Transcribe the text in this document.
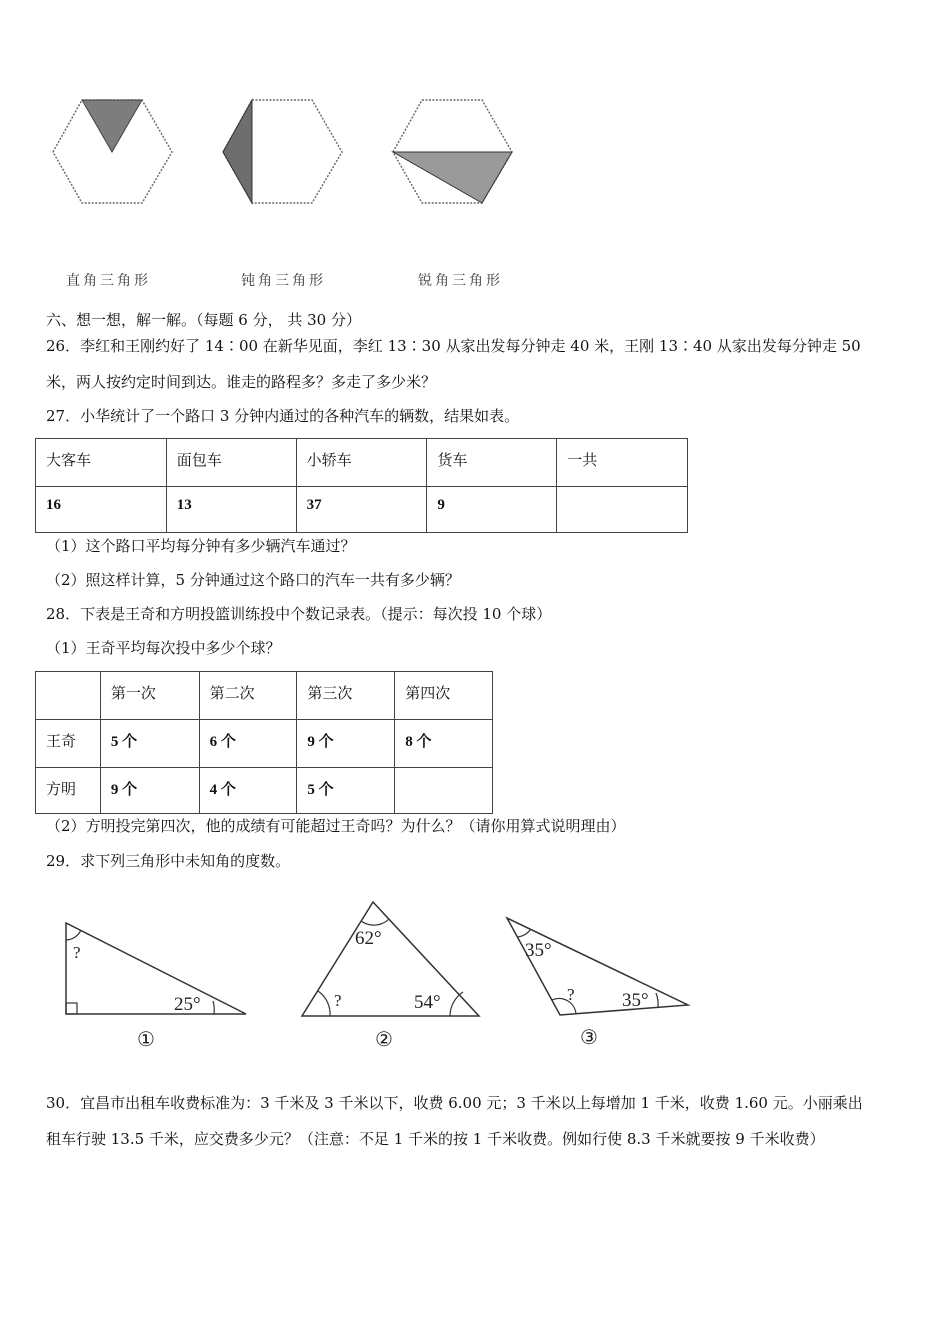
直角三角形	钝角三角形	锐角三角形
六、想一想，解一解。（每题 6 分， 共 30 分）
26．李红和王刚约好了 14∶00 在新华见面，李红 13∶30 从家出发每分钟走 40 米，王刚 13∶40 从家出发每分钟走 50
米，两人按约定时间到达。谁走的路程多？多走了多少米？
27．小华统计了一个路口 3 分钟内通过的各种汽车的辆数，结果如表。
大客车	面包车	小轿车	货车	一共
16	13	37	9	
（1）这个路口平均每分钟有多少辆汽车通过？
（2）照这样计算，5 分钟通过这个路口的汽车一共有多少辆？
28．下表是王奇和方明投篮训练投中个数记录表。（提示：每次投 10 个球）
（1）王奇平均每次投中多少个球？
	第一次	第二次	第三次	第四次
王奇	5 个	6 个	9 个	8 个
方明	9 个	4 个	5 个	
（2）方明投完第四次，他的成绩有可能超过王奇吗？为什么？（请你用算式说明理由）
29．求下列三角形中未知角的度数。
?
25°
①
62°
?	54°
②
35°
? 35°
③
30．宜昌市出租车收费标准为：3 千米及 3 千米以下，收费 6.00 元；3 千米以上每增加 1 千米，收费 1.60 元。小丽乘出
租车行驶 13.5 千米，应交费多少元？（注意：不足 1 千米的按 1 千米收费。例如行使 8.3 千米就要按 9 千米收费）
